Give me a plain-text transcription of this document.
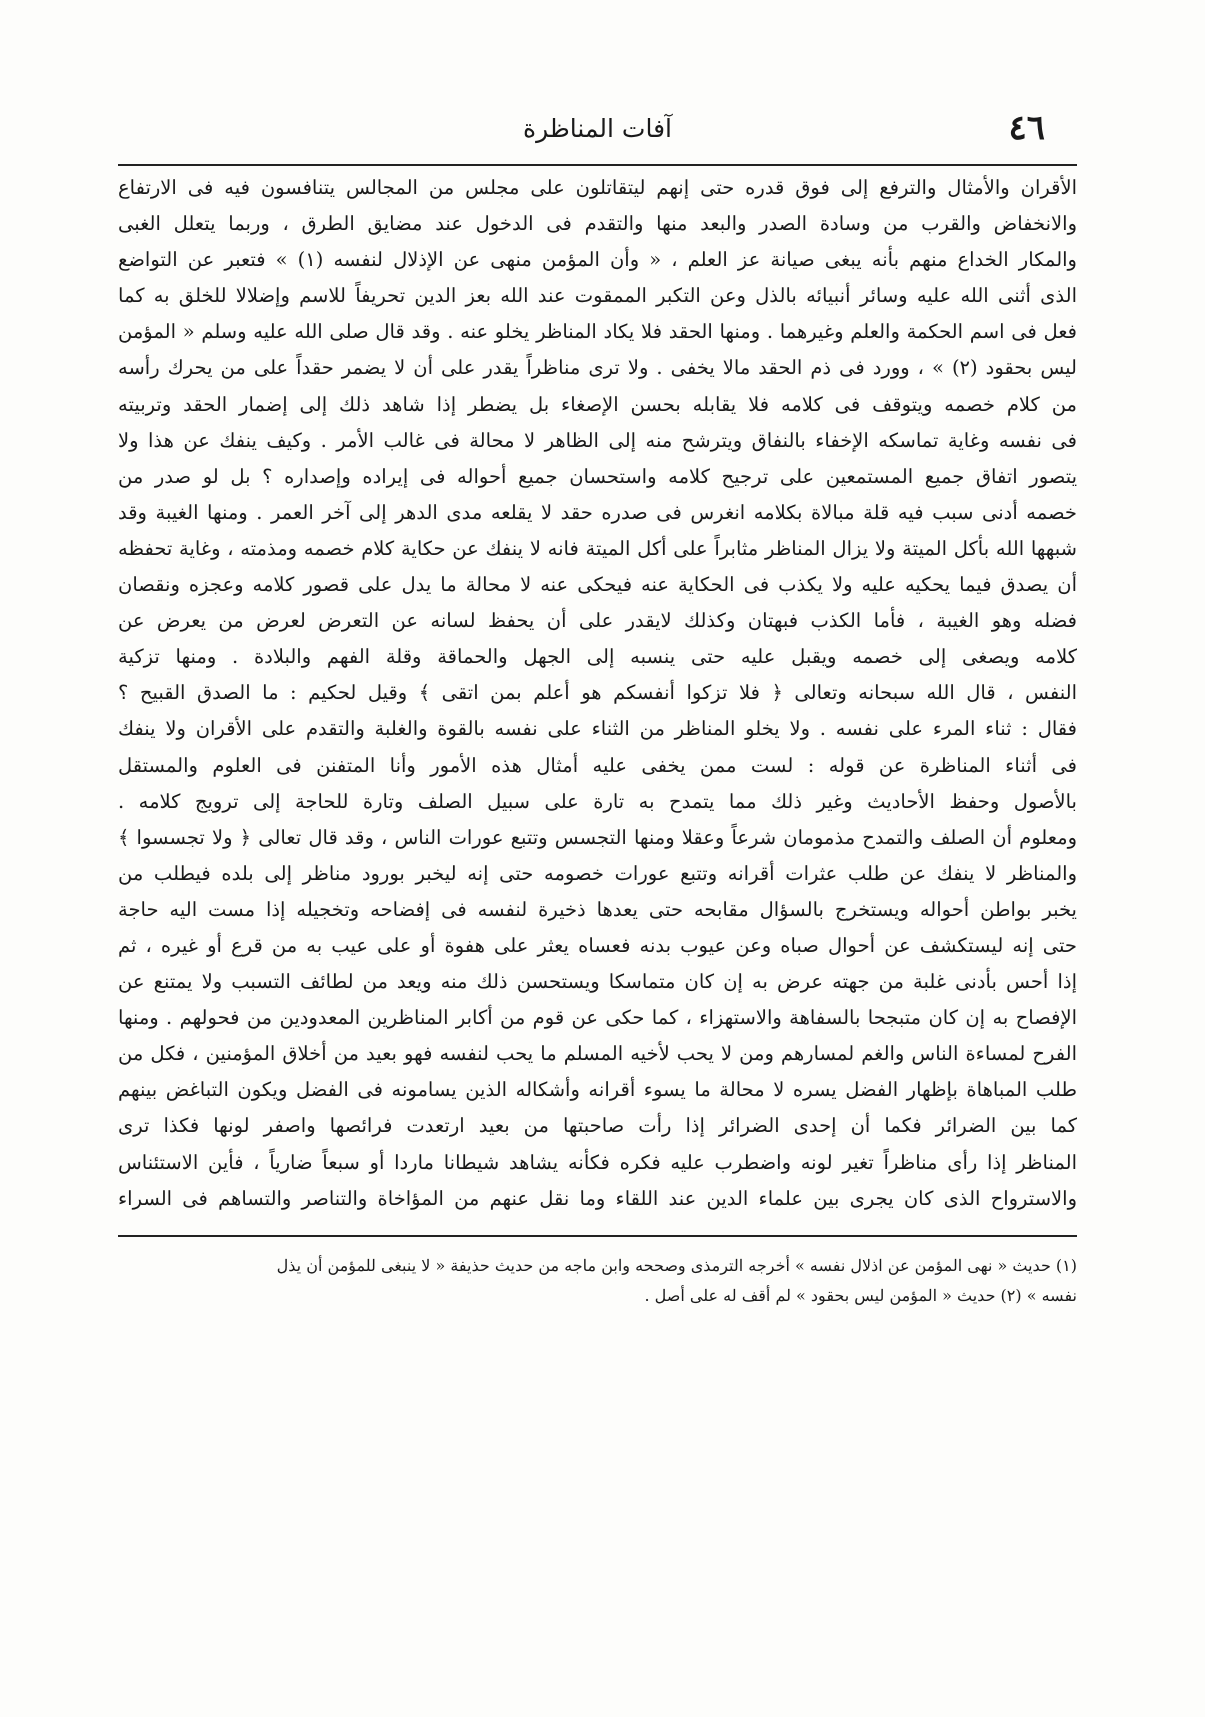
٤٦
آفات المناظرة
الأقران والأمثال والترفع إلى فوق قدره حتى إنهم ليتقاتلون على مجلس من المجالس يتنافسون فيه فى الارتفاع
والانخفاض والقرب من وسادة الصدر والبعد منها والتقدم فى الدخول عند مضايق الطرق ، وربما يتعلل الغبى
والمكار الخداع منهم بأنه يبغى صيانة عز العلم ، « وأن المؤمن منهى عن الإذلال لنفسه (١) » فتعبر عن التواضع
الذى أثنى الله عليه وسائر أنبيائه بالذل وعن التكبر الممقوت عند الله بعز الدين تحريفاً للاسم وإضلالا للخلق به كما
فعل فى اسم الحكمة والعلم وغيرهما . ومنها الحقد فلا يكاد المناظر يخلو عنه . وقد قال صلى الله عليه وسلم « المؤمن
ليس بحقود (٢) » ، وورد فى ذم الحقد مالا يخفى . ولا ترى مناظراً يقدر على أن لا يضمر حقداً على من يحرك رأسه
من كلام خصمه ويتوقف فى كلامه فلا يقابله بحسن الإصغاء بل يضطر إذا شاهد ذلك إلى إضمار الحقد وتربيته
فى نفسه وغاية تماسكه الإخفاء بالنفاق ويترشح منه إلى الظاهر لا محالة فى غالب الأمر . وكيف ينفك عن هذا ولا
يتصور اتفاق جميع المستمعين على ترجيح كلامه واستحسان جميع أحواله فى إيراده وإصداره ؟ بل لو صدر من
خصمه أدنى سبب فيه قلة مبالاة بكلامه انغرس فى صدره حقد لا يقلعه مدى الدهر إلى آخر العمر . ومنها الغيبة وقد
شبهها الله بأكل الميتة ولا يزال المناظر مثابراً على أكل الميتة فانه لا ينفك عن حكاية كلام خصمه ومذمته ، وغاية تحفظه
أن يصدق فيما يحكيه عليه ولا يكذب فى الحكاية عنه فيحكى عنه لا محالة ما يدل على قصور كلامه وعجزه ونقصان
فضله وهو الغيبة ، فأما الكذب فبهتان وكذلك لايقدر على أن يحفظ لسانه عن التعرض لعرض من يعرض عن
كلامه ويصغى إلى خصمه ويقبل عليه حتى ينسبه إلى الجهل والحماقة وقلة الفهم والبلادة . ومنها تزكية
النفس ، قال الله سبحانه وتعالى ﴿ فلا تزكوا أنفسكم هو أعلم بمن اتقى ﴾ وقيل لحكيم : ما الصدق القبيح ؟
فقال : ثناء المرء على نفسه . ولا يخلو المناظر من الثناء على نفسه بالقوة والغلبة والتقدم على الأقران ولا ينفك
فى أثناء المناظرة عن قوله : لست ممن يخفى عليه أمثال هذه الأمور وأنا المتفنن فى العلوم والمستقل
بالأصول وحفظ الأحاديث وغير ذلك مما يتمدح به تارة على سبيل الصلف وتارة للحاجة إلى ترويج كلامه .
ومعلوم أن الصلف والتمدح مذمومان شرعاً وعقلا ومنها التجسس وتتبع عورات الناس ، وقد قال تعالى ﴿ ولا تجسسوا ﴾
والمناظر لا ينفك عن طلب عثرات أقرانه وتتبع عورات خصومه حتى إنه ليخبر بورود مناظر إلى بلده فيطلب من
يخبر بواطن أحواله ويستخرج بالسؤال مقابحه حتى يعدها ذخيرة لنفسه فى إفضاحه وتخجيله إذا مست اليه حاجة
حتى إنه ليستكشف عن أحوال صباه وعن عيوب بدنه فعساه يعثر على هفوة أو على عيب به من قرع أو غيره ، ثم
إذا أحس بأدنى غلبة من جهته عرض به إن كان متماسكا ويستحسن ذلك منه ويعد من لطائف التسبب ولا يمتنع عن
الإفصاح به إن كان متبجحا بالسفاهة والاستهزاء ، كما حكى عن قوم من أكابر المناظرين المعدودين من فحولهم . ومنها
الفرح لمساءة الناس والغم لمسارهم ومن لا يحب لأخيه المسلم ما يحب لنفسه فهو بعيد من أخلاق المؤمنين ، فكل من
طلب المباهاة بإظهار الفضل يسره لا محالة ما يسوء أقرانه وأشكاله الذين يسامونه فى الفضل ويكون التباغض بينهم
كما بين الضرائر فكما أن إحدى الضرائر إذا رأت صاحبتها من بعيد ارتعدت فرائصها واصفر لونها فكذا ترى
المناظر إذا رأى مناظراً تغير لونه واضطرب عليه فكره فكأنه يشاهد شيطانا ماردا أو سبعاً ضارياً ، فأين الاستئناس
والاسترواح الذى كان يجرى بين علماء الدين عند اللقاء وما نقل عنهم من المؤاخاة والتناصر والتساهم فى السراء
(١) حديث « نهى المؤمن عن اذلال نفسه » أخرجه الترمذى وصححه وابن ماجه من حديث حذيفة « لا ينبغى للمؤمن أن يذل
نفسه » (٢) حديث « المؤمن ليس بحقود » لم أقف له على أصل .
